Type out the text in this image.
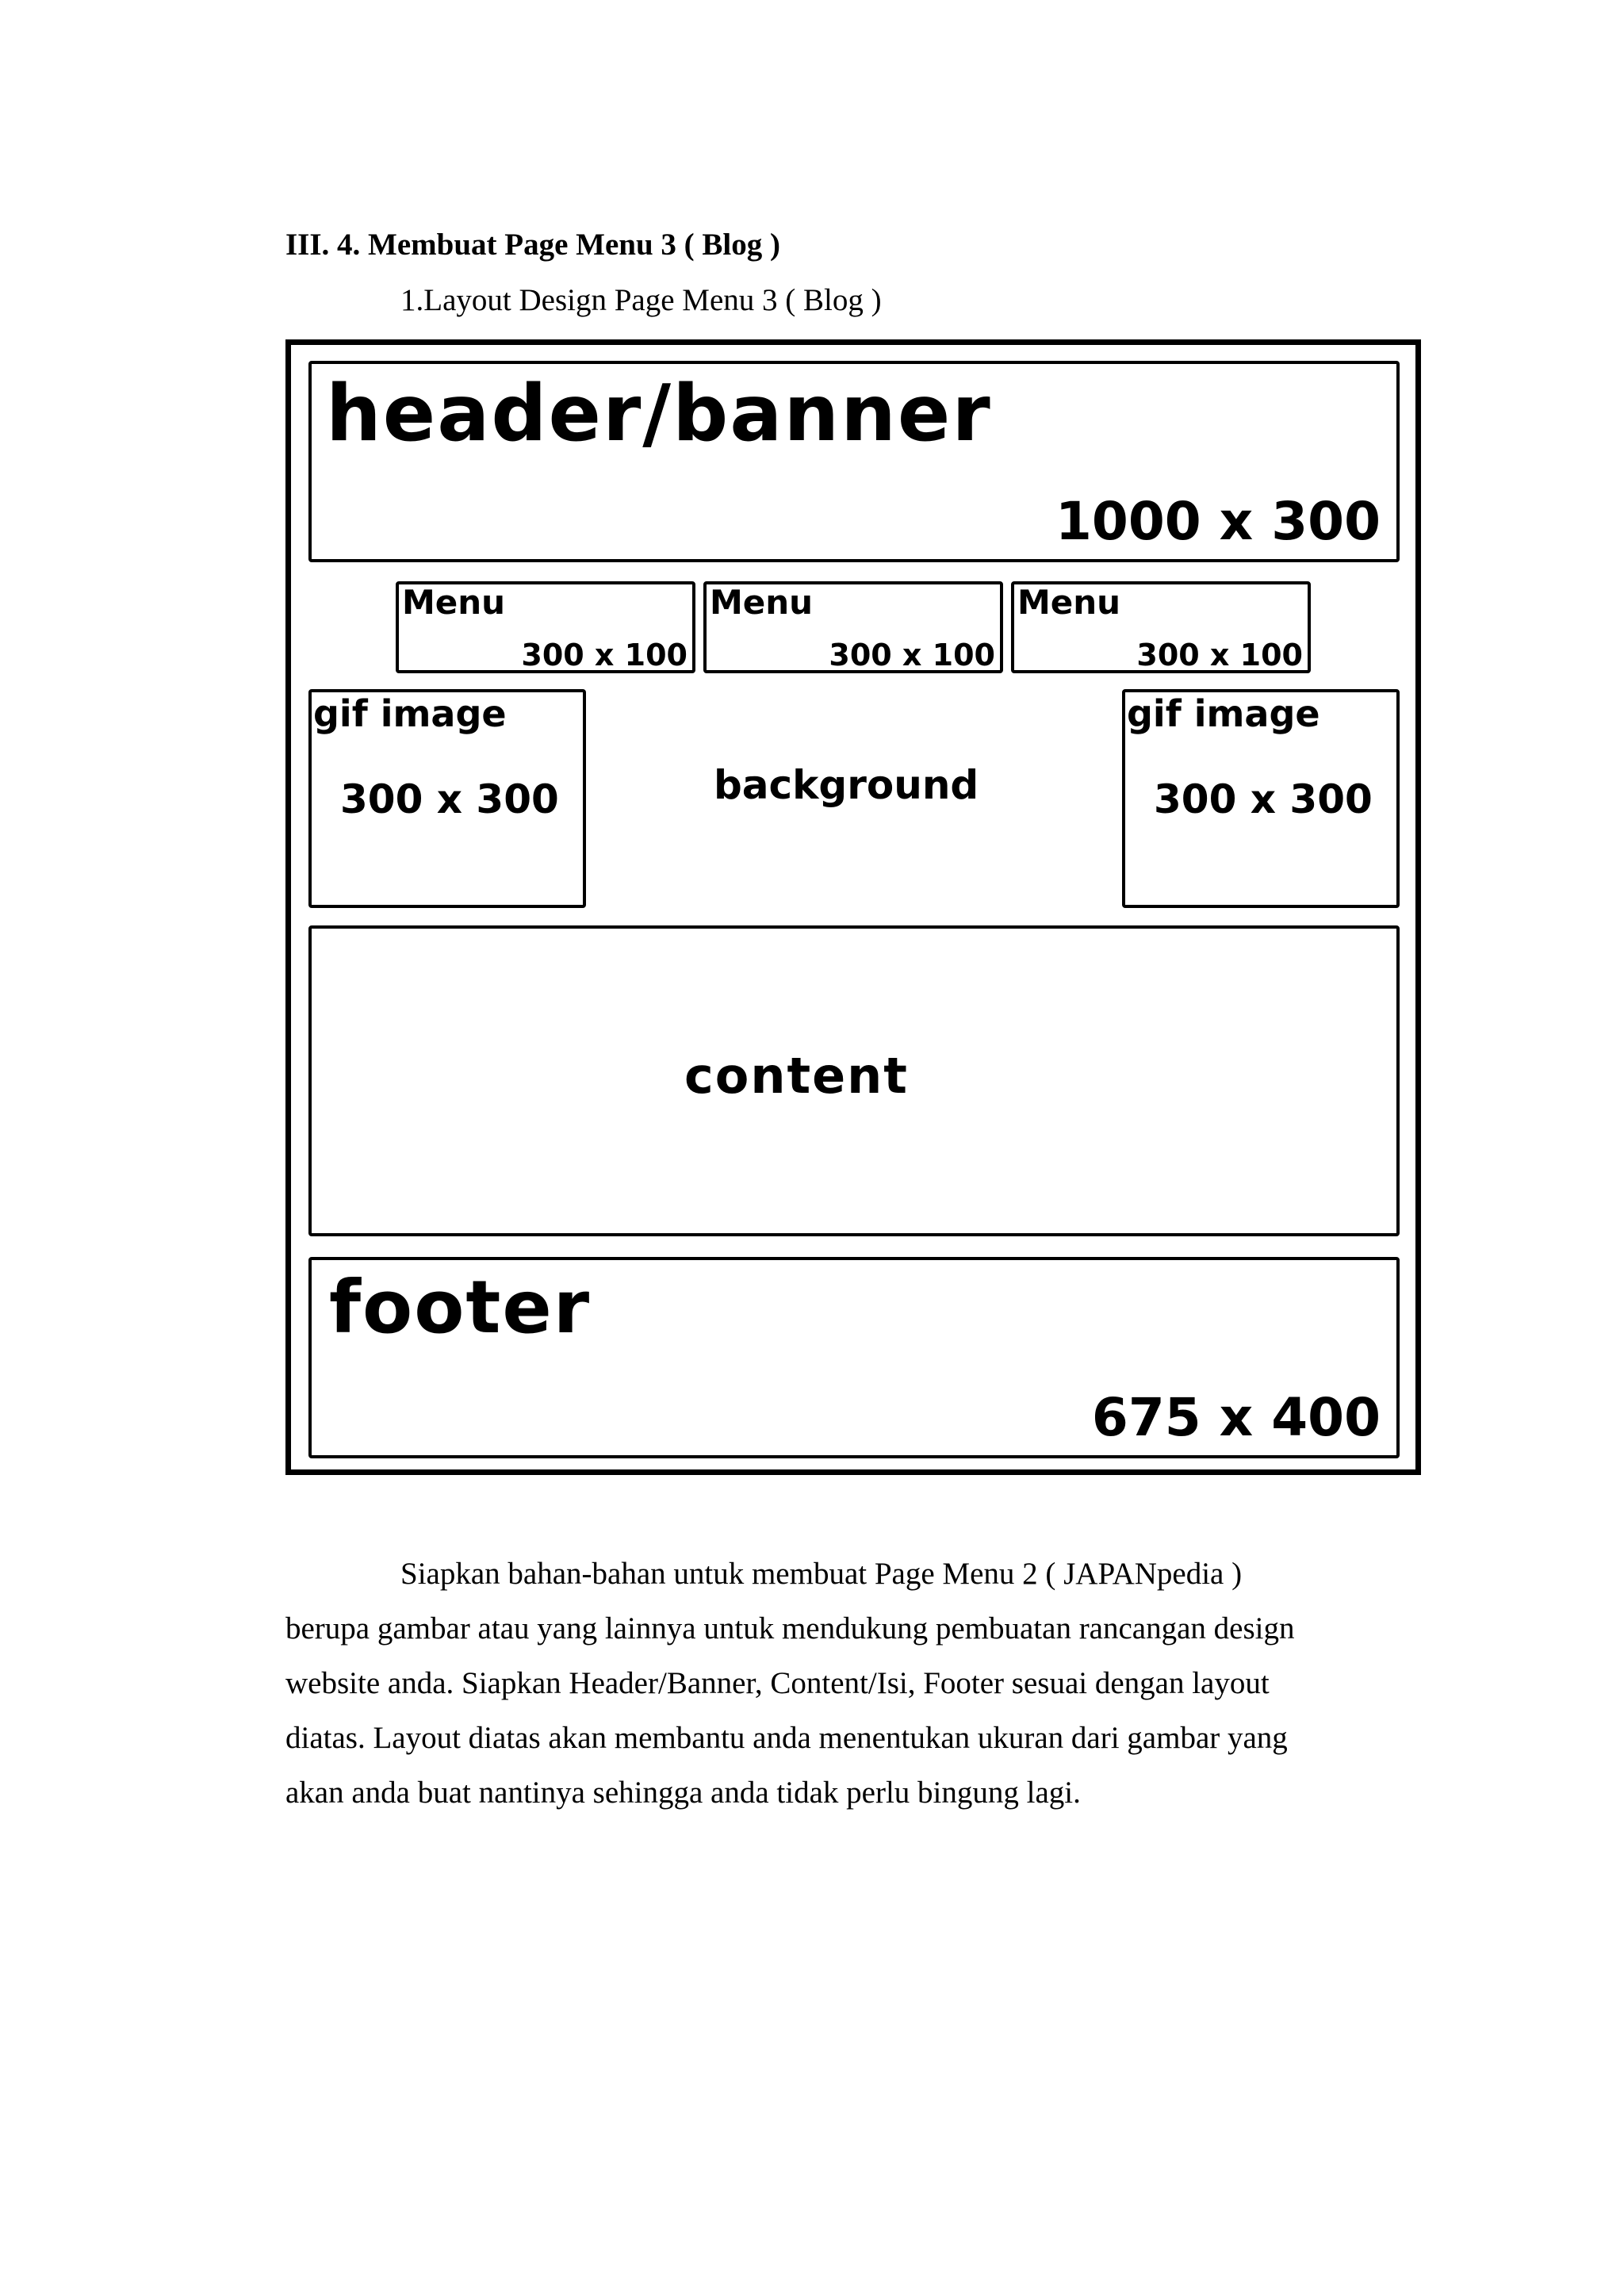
III. 4. Membuat Page Menu 3 ( Blog )
1.Layout Design Page Menu 3 ( Blog )
header/banner
1000 x 300
Menu
300 x 100
Menu
300 x 100
Menu
300 x 100
gif image
300 x 300	background
gif image
300 x 300
content
footer
675 x 400

Siapkan bahan-bahan untuk membuat Page Menu 2 ( JAPANpedia )

berupa gambar atau yang lainnya untuk mendukung pembuatan rancangan design

website anda. Siapkan Header/Banner, Content/Isi, Footer sesuai dengan layout

diatas. Layout diatas akan membantu anda menentukan ukuran dari gambar yang

akan anda buat nantinya sehingga anda tidak perlu bingung lagi.
